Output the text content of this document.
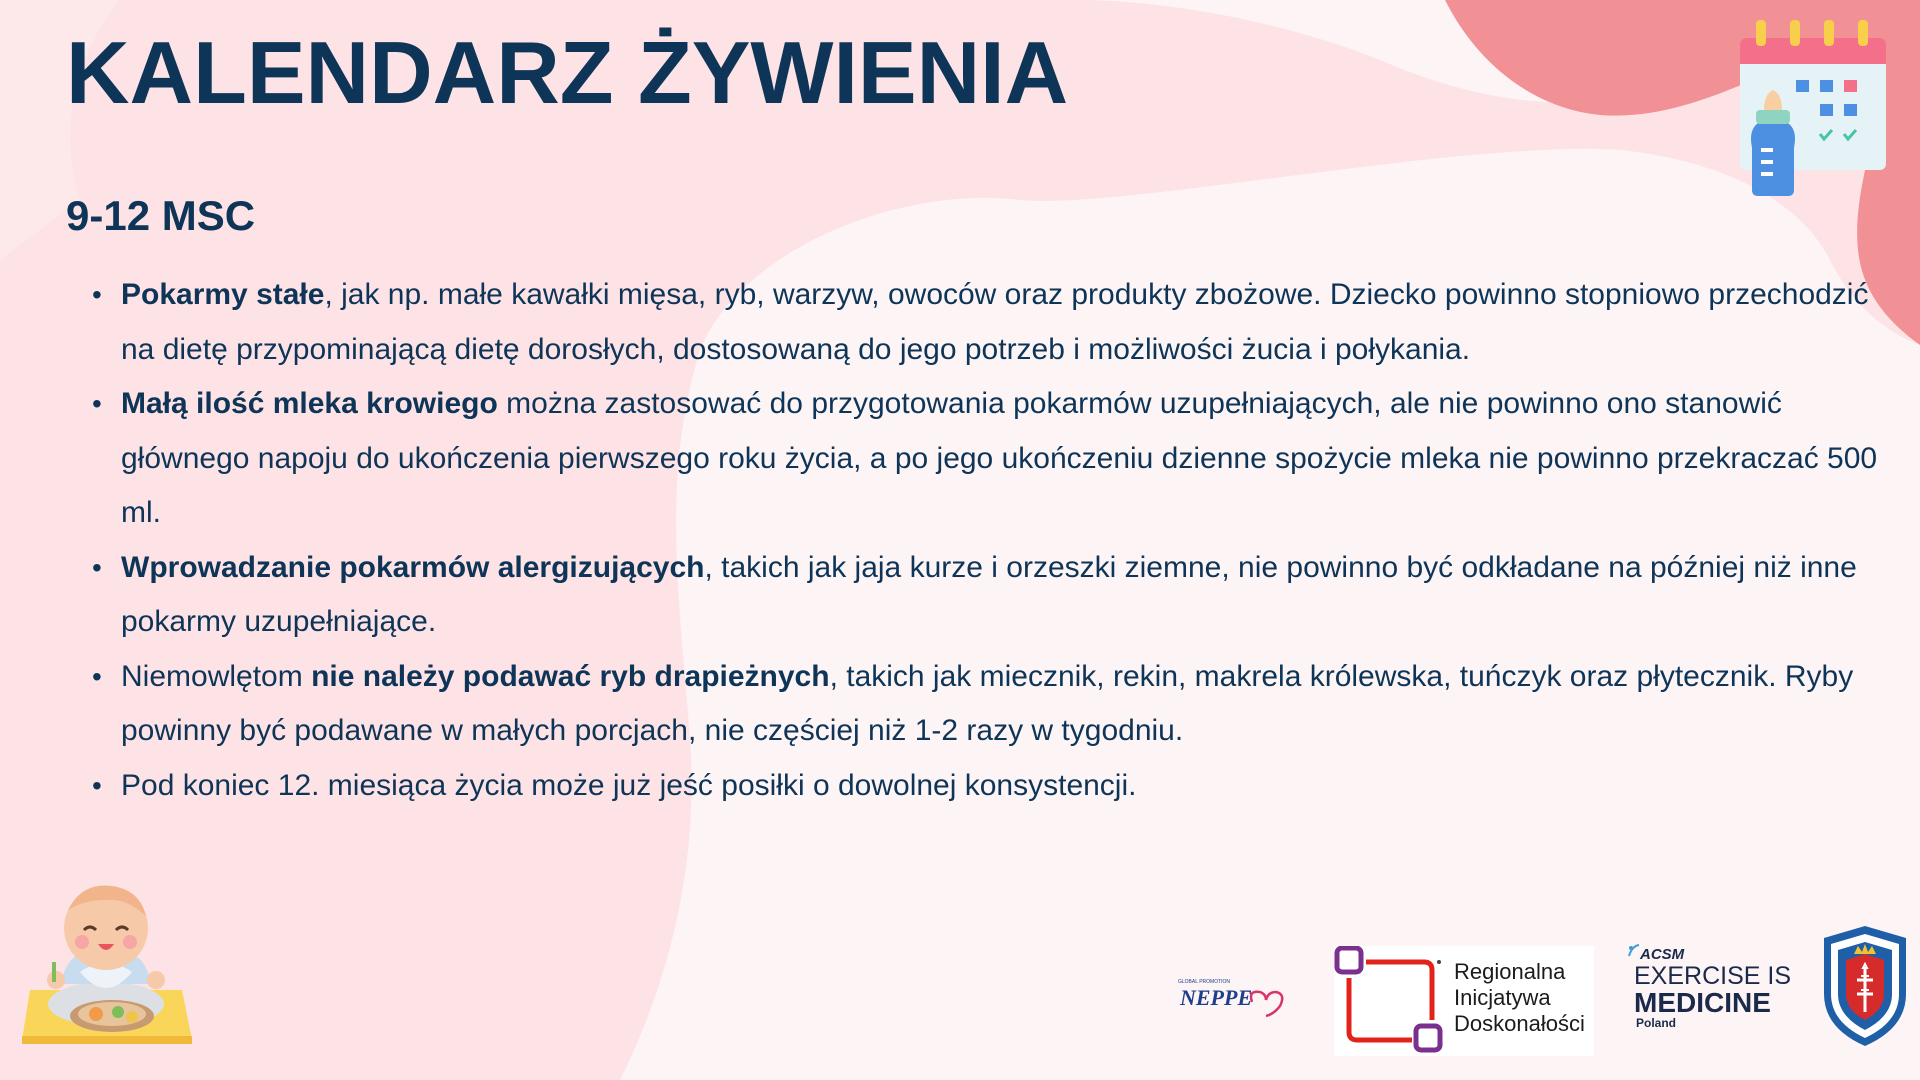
KALENDARZ ŻYWIENIA
9-12 MSC
• Pokarmy stałe, jak np. małe kawałki mięsa, ryb, warzyw, owoców oraz produkty zbożowe. Dziecko powinno stopniowo przechodzić na dietę przypominającą dietę dorosłych, dostosowaną do jego potrzeb i możliwości żucia i połykania.
• Małą ilość mleka krowiego można zastosować do przygotowania pokarmów uzupełniających, ale nie powinno ono stanowić głównego napoju do ukończenia pierwszego roku życia, a po jego ukończeniu dzienne spożycie mleka nie powinno przekraczać 500 ml.
• Wprowadzanie pokarmów alergizujących, takich jak jaja kurze i orzeszki ziemne, nie powinno być odkładane na później niż inne pokarmy uzupełniające.
• Niemowlętom nie należy podawać ryb drapieżnych, takich jak miecznik, rekin, makrela królewska, tuńczyk oraz płytecznik. Ryby powinny być podawane w małych porcjach, nie częściej niż 1-2 razy w tygodniu.
• Pod koniec 12. miesiąca życia może już jeść posiłki o dowolnej konsystencji.
GLOBAL PROMOTION
NEPPE
Regionalna
Inicjatywa
Doskonałości
ACSM
EXERCISE IS
MEDICINE
Poland
